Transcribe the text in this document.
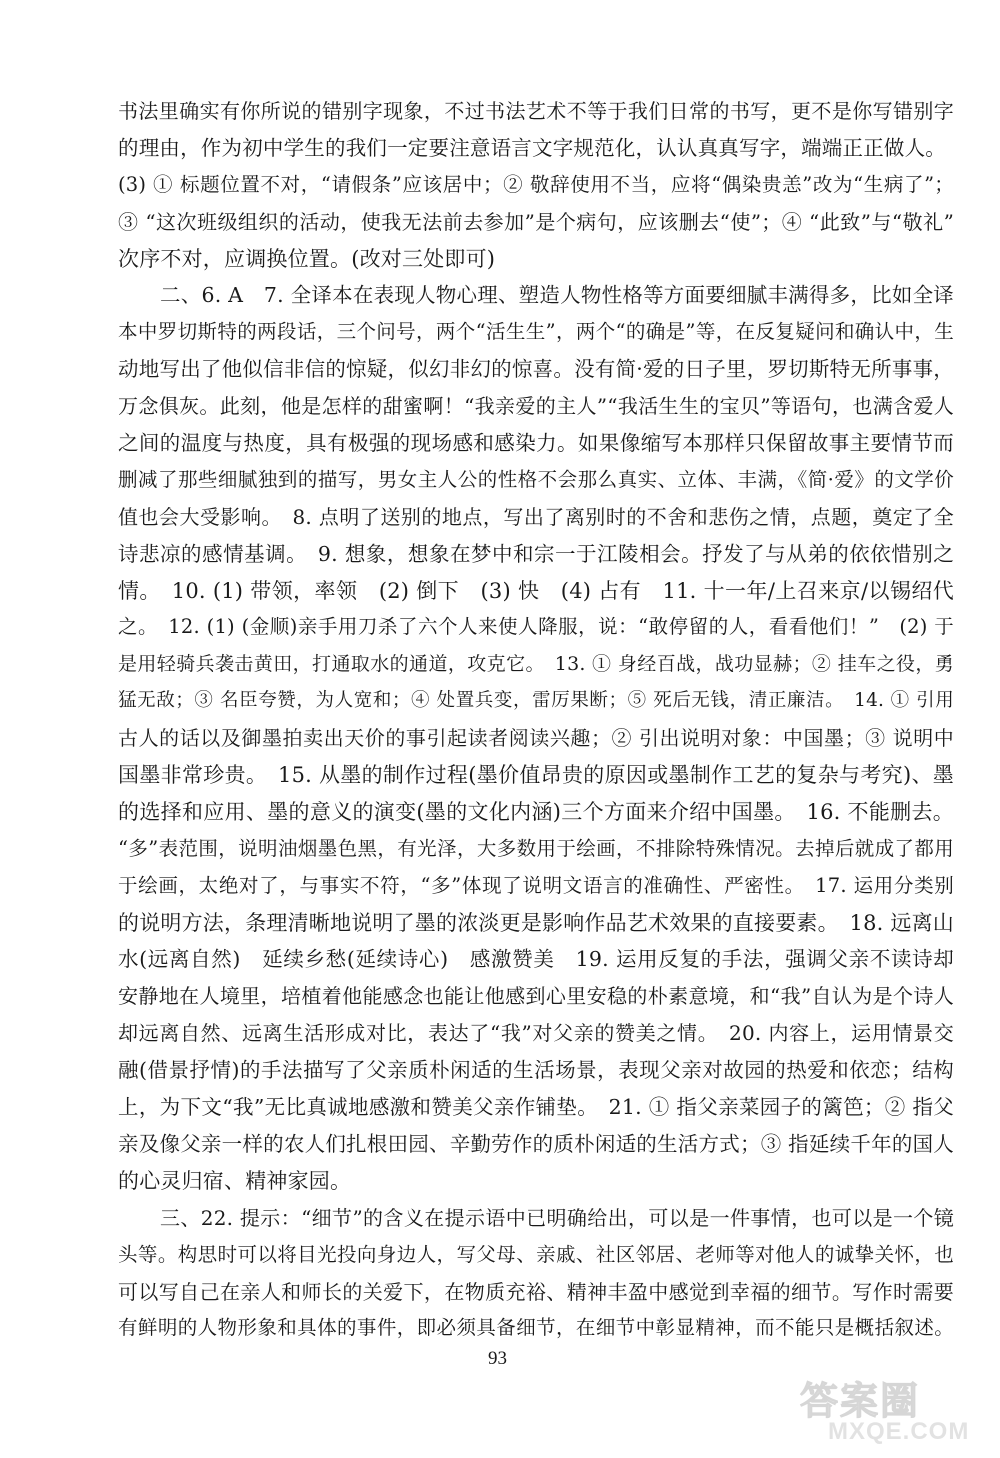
书法里确实有你所说的错别字现象，不过书法艺术不等于我们日常的书写，更不是你写错别字
的理由，作为初中学生的我们一定要注意语言文字规范化，认认真真写字，端端正正做人。
(3) ① 标题位置不对，“请假条”应该居中；② 敬辞使用不当，应将“偶染贵恙”改为“生病了”；
③ “这次班级组织的活动，使我无法前去参加”是个病句，应该删去“使”；④ “此致”与“敬礼”
次序不对，应调换位置。(改对三处即可)
二、6. A　7. 全译本在表现人物心理、塑造人物性格等方面要细腻丰满得多，比如全译
本中罗切斯特的两段话，三个问号，两个“活生生”，两个“的确是”等，在反复疑问和确认中，生
动地写出了他似信非信的惊疑，似幻非幻的惊喜。没有简·爱的日子里，罗切斯特无所事事，
万念俱灰。此刻，他是怎样的甜蜜啊！“我亲爱的主人”“我活生生的宝贝”等语句，也满含爱人
之间的温度与热度，具有极强的现场感和感染力。如果像缩写本那样只保留故事主要情节而
删减了那些细腻独到的描写，男女主人公的性格不会那么真实、立体、丰满，《简·爱》的文学价
值也会大受影响。　8. 点明了送别的地点，写出了离别时的不舍和悲伤之情，点题，奠定了全
诗悲凉的感情基调。　9. 想象，想象在梦中和宗一于江陵相会。抒发了与从弟的依依惜别之
情。　10. (1) 带领，率领　(2) 倒下　(3) 快　(4) 占有　11. 十一年/上召来京/以锡绍代
之。　12. (1) (金顺)亲手用刀杀了六个人来使人降服，说：“敢停留的人，看看他们！”　(2) 于
是用轻骑兵袭击黄田，打通取水的通道，攻克它。　13. ① 身经百战，战功显赫；② 挂车之役，勇
猛无敌；③ 名臣夸赞，为人宽和；④ 处置兵变，雷厉果断；⑤ 死后无钱，清正廉洁。　14. ① 引用
古人的话以及御墨拍卖出天价的事引起读者阅读兴趣；② 引出说明对象：中国墨；③ 说明中
国墨非常珍贵。　15. 从墨的制作过程(墨价值昂贵的原因或墨制作工艺的复杂与考究)、墨
的选择和应用、墨的意义的演变(墨的文化内涵)三个方面来介绍中国墨。　16. 不能删去。
“多”表范围，说明油烟墨色黑，有光泽，大多数用于绘画，不排除特殊情况。去掉后就成了都用
于绘画，太绝对了，与事实不符，“多”体现了说明文语言的准确性、严密性。　17. 运用分类别
的说明方法，条理清晰地说明了墨的浓淡更是影响作品艺术效果的直接要素。　18. 远离山
水(远离自然)　延续乡愁(延续诗心)　感激赞美　19. 运用反复的手法，强调父亲不读诗却
安静地在人境里，培植着他能感念也能让他感到心里安稳的朴素意境，和“我”自认为是个诗人
却远离自然、远离生活形成对比，表达了“我”对父亲的赞美之情。　20. 内容上，运用情景交
融(借景抒情)的手法描写了父亲质朴闲适的生活场景，表现父亲对故园的热爱和依恋；结构
上，为下文“我”无比真诚地感激和赞美父亲作铺垫。　21. ① 指父亲菜园子的篱笆；② 指父
亲及像父亲一样的农人们扎根田园、辛勤劳作的质朴闲适的生活方式；③ 指延续千年的国人
的心灵归宿、精神家园。
三、22. 提示：“细节”的含义在提示语中已明确给出，可以是一件事情，也可以是一个镜
头等。构思时可以将目光投向身边人，写父母、亲戚、社区邻居、老师等对他人的诚挚关怀，也
可以写自己在亲人和师长的关爱下，在物质充裕、精神丰盈中感觉到幸福的细节。写作时需要
有鲜明的人物形象和具体的事件，即必须具备细节，在细节中彰显精神，而不能只是概括叙述。
93
答案圈
MXQE.COM
